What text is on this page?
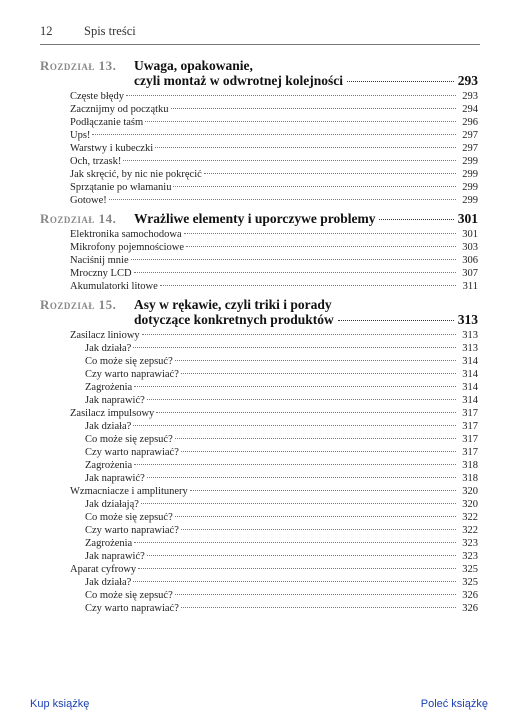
12	Spis treści
Rozdział 13.	Uwaga, opakowanie,
czyli montaż w odwrotnej kolejności	293
Częste błędy	293
Zacznijmy od początku	294
Podłączanie taśm	296
Ups!	297
Warstwy i kubeczki	297
Och, trzask!	299
Jak skręcić, by nic nie pokręcić	299
Sprzątanie po włamaniu	299
Gotowe!	299
Rozdział 14.	Wrażliwe elementy i uporczywe problemy	301
Elektronika samochodowa	301
Mikrofony pojemnościowe	303
Naciśnij mnie	306
Mroczny LCD	307
Akumulatorki litowe	311
Rozdział 15.	Asy w rękawie, czyli triki i porady
dotyczące konkretnych produktów	313
Zasilacz liniowy	313
Jak działa?	313
Co może się zepsuć?	314
Czy warto naprawiać?	314
Zagrożenia	314
Jak naprawić?	314
Zasilacz impulsowy	317
Jak działa?	317
Co może się zepsuć?	317
Czy warto naprawiać?	317
Zagrożenia	318
Jak naprawić?	318
Wzmacniacze i amplitunery	320
Jak działają?	320
Co może się zepsuć?	322
Czy warto naprawiać?	322
Zagrożenia	323
Jak naprawić?	323
Aparat cyfrowy	325
Jak działa?	325
Co może się zepsuć?	326
Czy warto naprawiać?	326
Kup książkę	Poleć książkę
